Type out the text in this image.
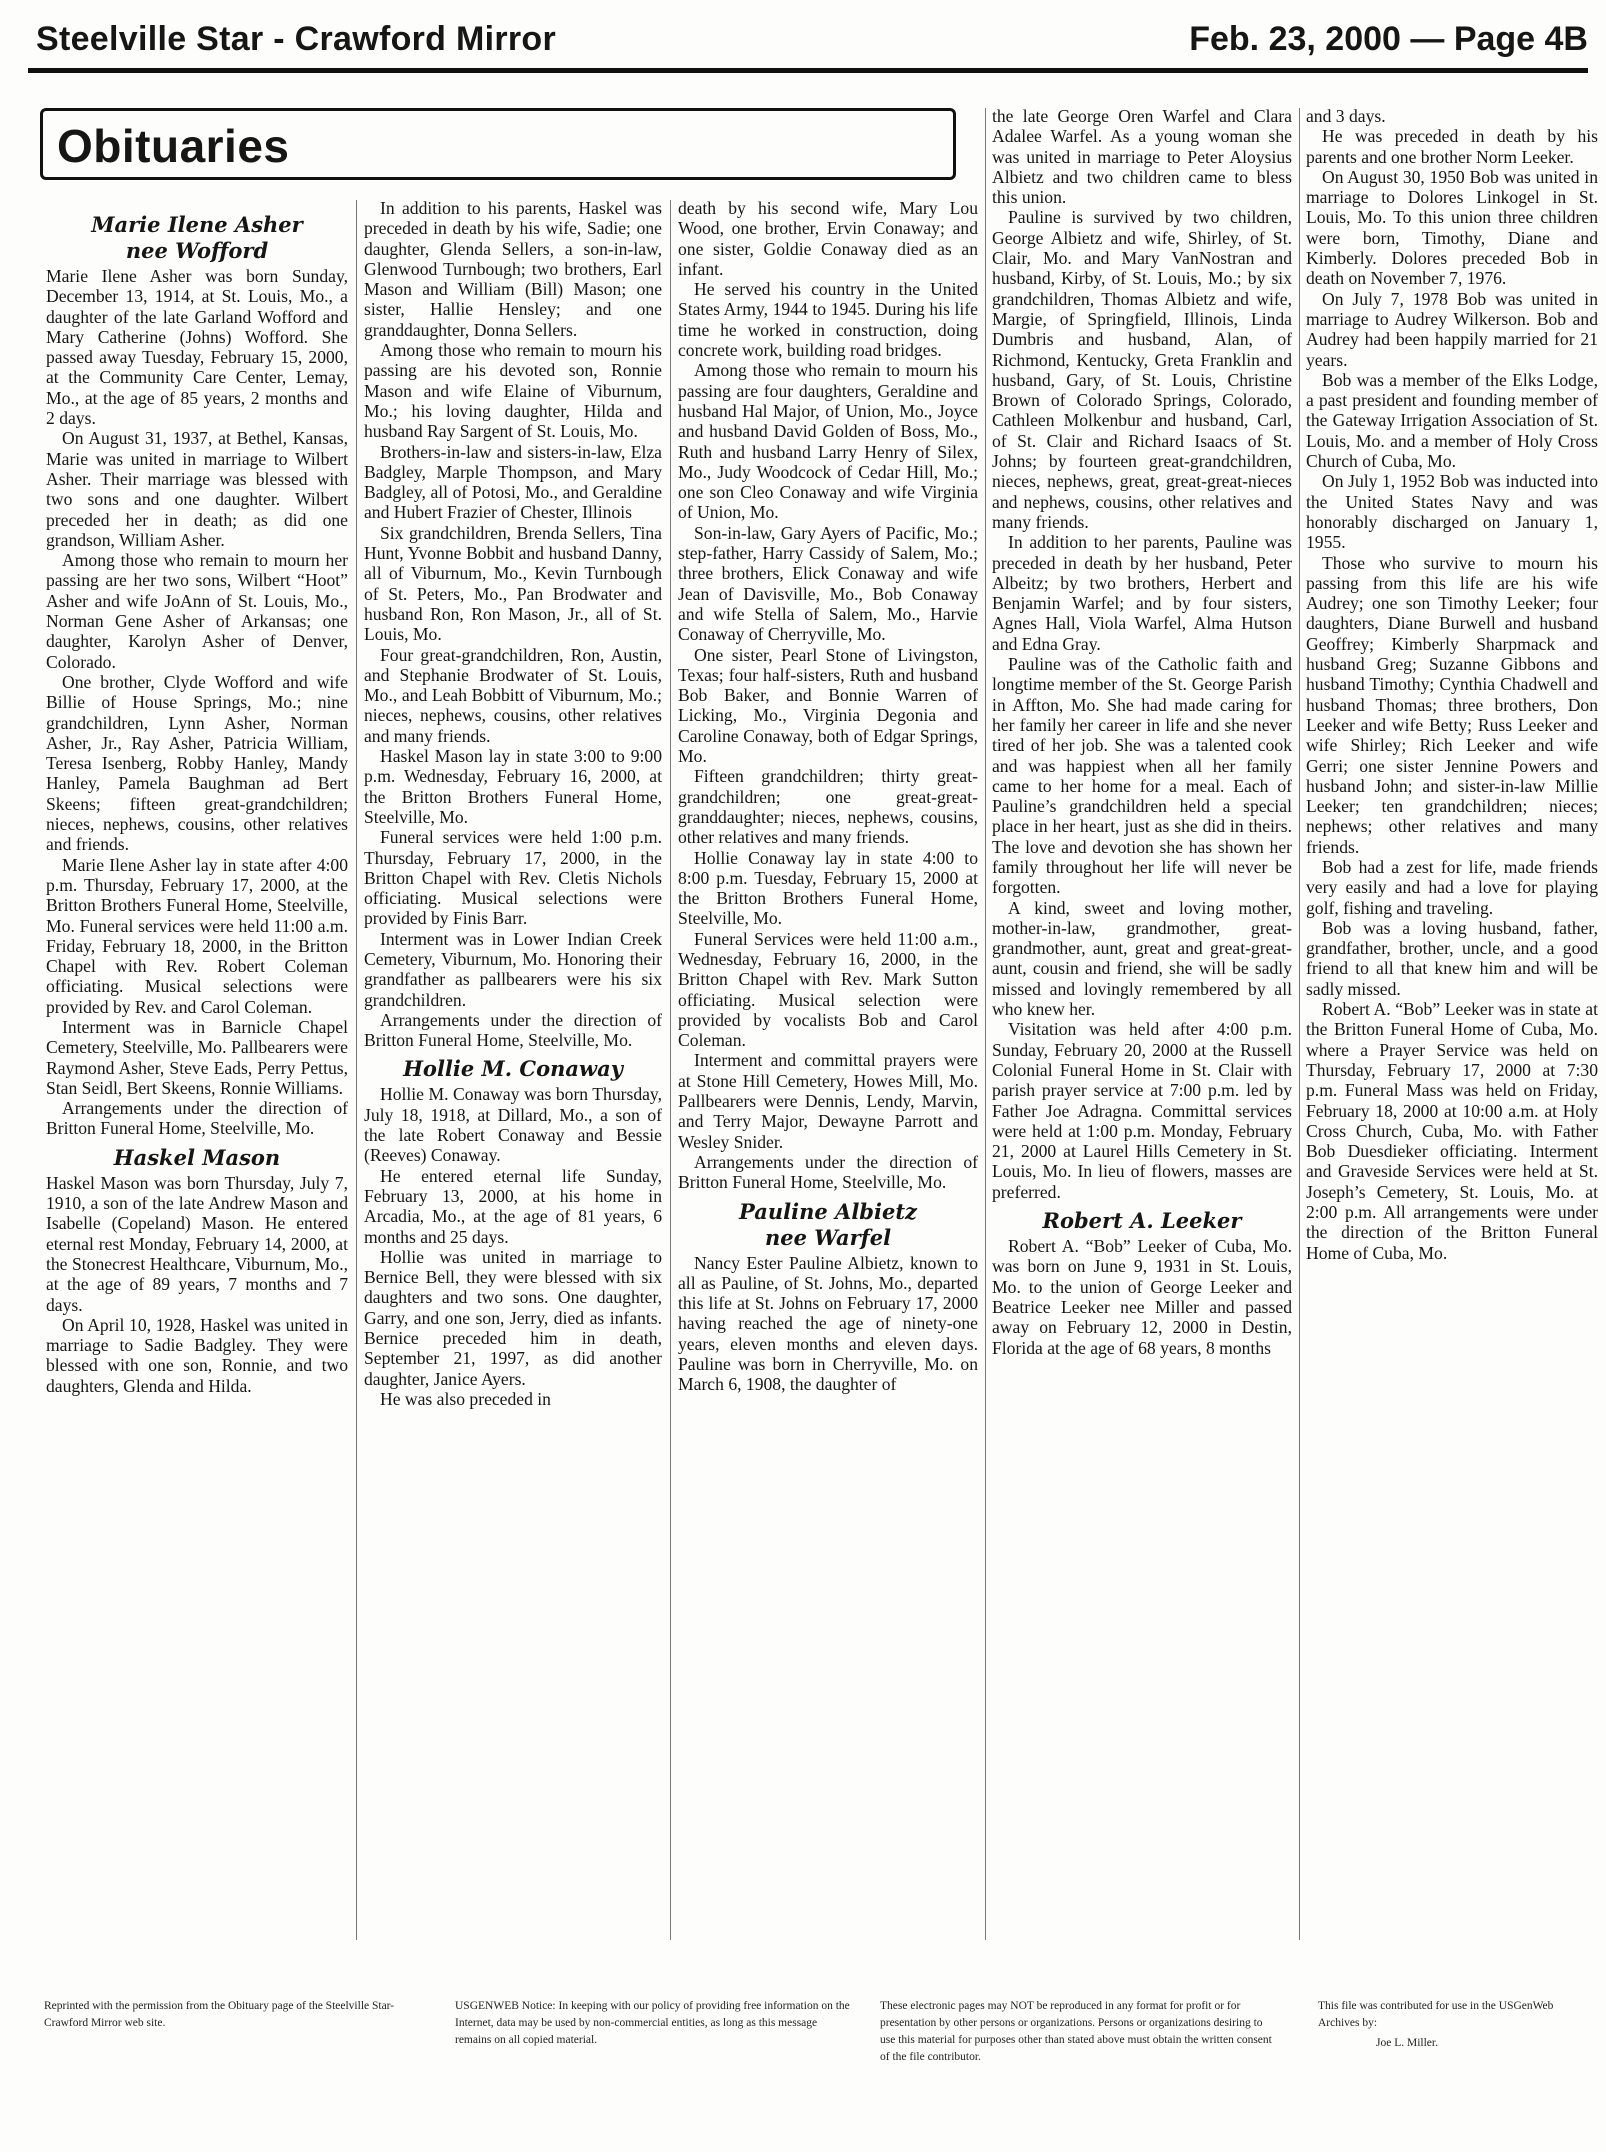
Steelville Star - Crawford Mirror	Feb. 23, 2000 — Page 4B
Obituaries
Marie Ilene Asher
nee Wofford

Marie Ilene Asher was born Sunday, December 13, 1914, at St. Louis, Mo., a daughter of the late Garland Wofford and Mary Catherine (Johns) Wofford. She passed away Tuesday, February 15, 2000, at the Community Care Center, Lemay, Mo., at the age of 85 years, 2 months and 2 days.

On August 31, 1937, at Bethel, Kansas, Marie was united in marriage to Wilbert Asher. Their marriage was blessed with two sons and one daughter. Wilbert preceded her in death; as did one grandson, William Asher.

Among those who remain to mourn her passing are her two sons, Wilbert “Hoot” Asher and wife JoAnn of St. Louis, Mo., Norman Gene Asher of Arkansas; one daughter, Karolyn Asher of Denver, Colorado.

One brother, Clyde Wofford and wife Billie of House Springs, Mo.; nine grandchildren, Lynn Asher, Norman Asher, Jr., Ray Asher, Patricia William, Teresa Isenberg, Robby Hanley, Mandy Hanley, Pamela Baughman ad Bert Skeens; fifteen great-grandchildren; nieces, nephews, cousins, other relatives and friends.

Marie Ilene Asher lay in state after 4:00 p.m. Thursday, February 17, 2000, at the Britton Brothers Funeral Home, Steelville, Mo. Funeral services were held 11:00 a.m. Friday, February 18, 2000, in the Britton Chapel with Rev. Robert Coleman officiating. Musical selections were provided by Rev. and Carol Coleman.

Interment was in Barnicle Chapel Cemetery, Steelville, Mo. Pallbearers were Raymond Asher, Steve Eads, Perry Pettus, Stan Seidl, Bert Skeens, Ronnie Williams.

Arrangements under the direction of Britton Funeral Home, Steelville, Mo.

Haskel Mason

Haskel Mason was born Thursday, July 7, 1910, a son of the late Andrew Mason and Isabelle (Copeland) Mason. He entered eternal rest Monday, February 14, 2000, at the Stonecrest Healthcare, Viburnum, Mo., at the age of 89 years, 7 months and 7 days.

On April 10, 1928, Haskel was united in marriage to Sadie Badgley. They were blessed with one son, Ronnie, and two daughters, Glenda and Hilda.

In addition to his parents, Haskel was preceded in death by his wife, Sadie; one daughter, Glenda Sellers, a son-in-law, Glenwood Turnbough; two brothers, Earl Mason and William (Bill) Mason; one sister, Hallie Hensley; and one granddaughter, Donna Sellers.

Among those who remain to mourn his passing are his devoted son, Ronnie Mason and wife Elaine of Viburnum, Mo.; his loving daughter, Hilda and husband Ray Sargent of St. Louis, Mo.

Brothers-in-law and sisters-in-law, Elza Badgley, Marple Thompson, and Mary Badgley, all of Potosi, Mo., and Geraldine and Hubert Frazier of Chester, Illinois

Six grandchildren, Brenda Sellers, Tina Hunt, Yvonne Bobbit and husband Danny, all of Viburnum, Mo., Kevin Turnbough of St. Peters, Mo., Pan Brodwater and husband Ron, Ron Mason, Jr., all of St. Louis, Mo.

Four great-grandchildren, Ron, Austin, and Stephanie Brodwater of St. Louis, Mo., and Leah Bobbitt of Viburnum, Mo.; nieces, nephews, cousins, other relatives and many friends.

Haskel Mason lay in state 3:00 to 9:00 p.m. Wednesday, February 16, 2000, at the Britton Brothers Funeral Home, Steelville, Mo.

Funeral services were held 1:00 p.m. Thursday, February 17, 2000, in the Britton Chapel with Rev. Cletis Nichols officiating. Musical selections were provided by Finis Barr.

Interment was in Lower Indian Creek Cemetery, Viburnum, Mo. Honoring their grandfather as pallbearers were his six grandchildren.

Arrangements under the direction of Britton Funeral Home, Steelville, Mo.

Hollie M. Conaway

Hollie M. Conaway was born Thursday, July 18, 1918, at Dillard, Mo., a son of the late Robert Conaway and Bessie (Reeves) Conaway.

He entered eternal life Sunday, February 13, 2000, at his home in Arcadia, Mo., at the age of 81 years, 6 months and 25 days.

Hollie was united in marriage to Bernice Bell, they were blessed with six daughters and two sons. One daughter, Garry, and one son, Jerry, died as infants. Bernice preceded him in death, September 21, 1997, as did another daughter, Janice Ayers.

He was also preceded in

death by his second wife, Mary Lou Wood, one brother, Ervin Conaway; and one sister, Goldie Conaway died as an infant.

He served his country in the United States Army, 1944 to 1945. During his life time he worked in construction, doing concrete work, building road bridges.

Among those who remain to mourn his passing are four daughters, Geraldine and husband Hal Major, of Union, Mo., Joyce and husband David Golden of Boss, Mo., Ruth and husband Larry Henry of Silex, Mo., Judy Woodcock of Cedar Hill, Mo.; one son Cleo Conaway and wife Virginia of Union, Mo.

Son-in-law, Gary Ayers of Pacific, Mo.; step-father, Harry Cassidy of Salem, Mo.; three brothers, Elick Conaway and wife Jean of Davisville, Mo., Bob Conaway and wife Stella of Salem, Mo., Harvie Conaway of Cherryville, Mo.

One sister, Pearl Stone of Livingston, Texas; four half-sisters, Ruth and husband Bob Baker, and Bonnie Warren of Licking, Mo., Virginia Degonia and Caroline Conaway, both of Edgar Springs, Mo.

Fifteen grandchildren; thirty great-grandchildren; one great-great-granddaughter; nieces, nephews, cousins, other relatives and many friends.

Hollie Conaway lay in state 4:00 to 8:00 p.m. Tuesday, February 15, 2000 at the Britton Brothers Funeral Home, Steelville, Mo.

Funeral Services were held 11:00 a.m., Wednesday, February 16, 2000, in the Britton Chapel with Rev. Mark Sutton officiating. Musical selection were provided by vocalists Bob and Carol Coleman.

Interment and committal prayers were at Stone Hill Cemetery, Howes Mill, Mo. Pallbearers were Dennis, Lendy, Marvin, and Terry Major, Dewayne Parrott and Wesley Snider.

Arrangements under the direction of Britton Funeral Home, Steelville, Mo.

Pauline Albietz
nee Warfel

Nancy Ester Pauline Albietz, known to all as Pauline, of St. Johns, Mo., departed this life at St. Johns on February 17, 2000 having reached the age of ninety-one years, eleven months and eleven days. Pauline was born in Cherryville, Mo. on March 6, 1908, the daughter of

the late George Oren Warfel and Clara Adalee Warfel. As a young woman she was united in marriage to Peter Aloysius Albietz and two children came to bless this union.

Pauline is survived by two children, George Albietz and wife, Shirley, of St. Clair, Mo. and Mary VanNostran and husband, Kirby, of St. Louis, Mo.; by six grandchildren, Thomas Albietz and wife, Margie, of Springfield, Illinois, Linda Dumbris and husband, Alan, of Richmond, Kentucky, Greta Franklin and husband, Gary, of St. Louis, Christine Brown of Colorado Springs, Colorado, Cathleen Molkenbur and husband, Carl, of St. Clair and Richard Isaacs of St. Johns; by fourteen great-grandchildren, nieces, nephews, great, great-great-nieces and nephews, cousins, other relatives and many friends.

In addition to her parents, Pauline was preceded in death by her husband, Peter Albeitz; by two brothers, Herbert and Benjamin Warfel; and by four sisters, Agnes Hall, Viola Warfel, Alma Hutson and Edna Gray.

Pauline was of the Catholic faith and longtime member of the St. George Parish in Affton, Mo. She had made caring for her family her career in life and she never tired of her job. She was a talented cook and was happiest when all her family came to her home for a meal. Each of Pauline’s grandchildren held a special place in her heart, just as she did in theirs. The love and devotion she has shown her family throughout her life will never be forgotten.

A kind, sweet and loving mother, mother-in-law, grandmother, great-grandmother, aunt, great and great-great-aunt, cousin and friend, she will be sadly missed and lovingly remembered by all who knew her.

Visitation was held after 4:00 p.m. Sunday, February 20, 2000 at the Russell Colonial Funeral Home in St. Clair with parish prayer service at 7:00 p.m. led by Father Joe Adragna. Committal services were held at 1:00 p.m. Monday, February 21, 2000 at Laurel Hills Cemetery in St. Louis, Mo. In lieu of flowers, masses are preferred.

Robert A. Leeker

Robert A. “Bob” Leeker of Cuba, Mo. was born on June 9, 1931 in St. Louis, Mo. to the union of George Leeker and Beatrice Leeker nee Miller and passed away on February 12, 2000 in Destin, Florida at the age of 68 years, 8 months

and 3 days.

He was preceded in death by his parents and one brother Norm Leeker.

On August 30, 1950 Bob was united in marriage to Dolores Linkogel in St. Louis, Mo. To this union three children were born, Timothy, Diane and Kimberly. Dolores preceded Bob in death on November 7, 1976.

On July 7, 1978 Bob was united in marriage to Audrey Wilkerson. Bob and Audrey had been happily married for 21 years.

Bob was a member of the Elks Lodge, a past president and founding member of the Gateway Irrigation Association of St. Louis, Mo. and a member of Holy Cross Church of Cuba, Mo.

On July 1, 1952 Bob was inducted into the United States Navy and was honorably discharged on January 1, 1955.

Those who survive to mourn his passing from this life are his wife Audrey; one son Timothy Leeker; four daughters, Diane Burwell and husband Geoffrey; Kimberly Sharpmack and husband Greg; Suzanne Gibbons and husband Timothy; Cynthia Chadwell and husband Thomas; three brothers, Don Leeker and wife Betty; Russ Leeker and wife Shirley; Rich Leeker and wife Gerri; one sister Jennine Powers and husband John; and sister-in-law Millie Leeker; ten grandchildren; nieces; nephews; other relatives and many friends.

Bob had a zest for life, made friends very easily and had a love for playing golf, fishing and traveling.

Bob was a loving husband, father, grandfather, brother, uncle, and a good friend to all that knew him and will be sadly missed.

Robert A. “Bob” Leeker was in state at the Britton Funeral Home of Cuba, Mo. where a Prayer Service was held on Thursday, February 17, 2000 at 7:30 p.m. Funeral Mass was held on Friday, February 18, 2000 at 10:00 a.m. at Holy Cross Church, Cuba, Mo. with Father Bob Duesdieker officiating. Interment and Graveside Services were held at St. Joseph’s Cemetery, St. Louis, Mo. at 2:00 p.m. All arrangements were under the direction of the Britton Funeral Home of Cuba, Mo.

Reprinted with the permission from the Obituary page of the Steelville Star-Crawford Mirror web site.
USGENWEB Notice: In keeping with our policy of providing free information on the Internet, data may be used by non-commercial entities, as long as this message remains on all copied material.
These electronic pages may NOT be reproduced in any format for profit or for presentation by other persons or organizations. Persons or organizations desiring to use this material for purposes other than stated above must obtain the written consent of the file contributor.
This file was contributed for use in the USGenWeb Archives by:
Joe L. Miller.
